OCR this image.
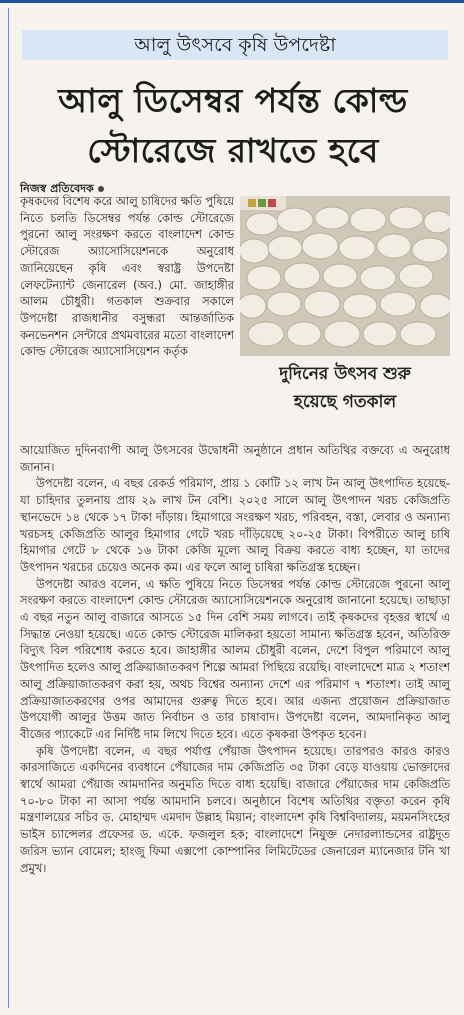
আলু উৎসবে কৃষি উপদেষ্টা
আলু ডিসেম্বর পর্যন্ত কোল্ড
স্টোরেজে রাখতে হবে
নিজস্ব প্রতিবেদক
দুদিনের উৎসব শুরু
হয়েছে গতকাল

কৃষকদের বিশেষ করে আলু চাষিদের ক্ষতি পুষিয়ে নিতে চলতি ডিসেম্বর পর্যন্ত কোল্ড স্টোরেজে পুরনো আলু সংরক্ষণ করতে বাংলাদেশ কোল্ড স্টোরেজ অ্যাসোসিয়েশনকে অনুরোধ জানিয়েছেন কৃষি এবং স্বরাষ্ট্র উপদেষ্টা লেফটেন্যান্ট জেনারেল (অব.) মো. জাহাঙ্গীর আলম চৌধুরী। গতকাল শুক্রবার সকালে উপদেষ্টা রাজধানীর বসুন্ধরা আন্তর্জাতিক কনভেনশন সেন্টারে প্রথমবারের মতো বাংলাদেশ কোল্ড স্টোরেজ অ্যাসোসিয়েশন কর্তৃক

আয়োজিত দুদিনব্যাপী আলু উৎসবের উদ্বোধনী অনুষ্ঠানে প্রধান অতিথির বক্তব্যে এ অনুরোধ জানান।

উপদেষ্টা বলেন, এ বছর রেকর্ড পরিমাণ, প্রায় ১ কোটি ১২ লাখ টন আলু উৎপাদিত হয়েছে- যা চাহিদার তুলনায় প্রায় ২৯ লাখ টন বেশি। ২০২৫ সালে আলু উৎপাদন খরচ কেজিপ্রতি স্থানভেদে ১৪ থেকে ১৭ টাকা দাঁড়ায়। হিমাগারে সংরক্ষণ খরচ, পরিবহন, বস্তা, লেবার ও অন্যান্য খরচসহ কেজিপ্রতি আলুর হিমাগার গেটে খরচ দাঁড়িয়েছে ২০-২৫ টাকা। বিপরীতে আলু চাষি হিমাগার গেটে ৮ থেকে ১৬ টাকা কেজি মূল্যে আলু বিক্রয় করতে বাধ্য হচ্ছেন, যা তাদের উৎপাদন খরচের চেয়েও অনেক কম। এর ফলে আলু চাষিরা ক্ষতিগ্রস্ত হচ্ছেন।

উপদেষ্টা আরও বলেন, এ ক্ষতি পুষিয়ে নিতে ডিসেম্বর পর্যন্ত কোল্ড স্টোরেজে পুরনো আলু সংরক্ষণ করতে বাংলাদেশ কোল্ড স্টোরেজ অ্যাসোসিয়েশনকে অনুরোধ জানানো হয়েছে। তাছাড়া এ বছর নতুন আলু বাজারে আসতে ১৫ দিন বেশি সময় লাগবে। তাই কৃষকদের বৃহত্তর স্বার্থে এ সিদ্ধান্ত নেওয়া হয়েছে। এতে কোল্ড স্টোরেজ মালিকরা হয়তো সামান্য ক্ষতিগ্রস্ত হবেন, অতিরিক্ত বিদ্যুৎ বিল পরিশোধ করতে হবে। জাহাঙ্গীর আলম চৌধুরী বলেন, দেশে বিপুল পরিমাণে আলু উৎপাদিত হলেও আলু প্রক্রিয়াজাতকরণ শিল্পে আমরা পিছিয়ে রয়েছি। বাংলাদেশে মাত্র ২ শতাংশ আলু প্রক্রিয়াজাতকরণ করা হয়, অথচ বিশ্বের অন্যান্য দেশে এর পরিমাণ ৭ শতাংশ। তাই আলু প্রক্রিয়াজাতকরণের ওপর আমাদের গুরুত্ব দিতে হবে। আর এজন্য প্রয়োজন প্রক্রিয়াজাত উপযোগী আলুর উত্তম জাত নির্বাচন ও তার চাষাবাদ। উপদেষ্টা বলেন, আমদানিকৃত আলু বীজের প্যাকেটে এর নির্দিষ্ট দাম লিখে দিতে হবে। এতে কৃষকরা উপকৃত হবেন।

কৃষি উপদেষ্টা বলেন, এ বছর পর্যাপ্ত পেঁয়াজ উৎপাদন হয়েছে। তারপরও কারও কারও কারসাজিতে একদিনের ব্যবধানে পেঁয়াজের দাম কেজিপ্রতি ৩৫ টাকা বেড়ে যাওয়ায় ভোক্তাদের স্বার্থে আমরা পেঁয়াজ আমদানির অনুমতি দিতে বাধ্য হয়েছি। বাজারে পেঁয়াজের দাম কেজিপ্রতি ৭০-৮০ টাকা না আসা পর্যন্ত আমদানি চলবে। অনুষ্ঠানে বিশেষ অতিথির বক্তৃতা করেন কৃষি মন্ত্রণালয়ের সচিব ড. মোহাম্মদ এমদাদ উল্লাহ মিয়ান; বাংলাদেশ কৃষি বিশ্ববিদ্যালয়, ময়মনসিংহের ভাইস চ্যান্সেলর প্রফেসর ড. একে. ফজলুল হক; বাংলাদেশে নিযুক্ত নেদারল্যান্ডসের রাষ্ট্রদূত জরিস ভ্যান বোমেল; হাংজু ফিমা এক্সপো কোম্পানির লিমিটেডের জেনারেল ম্যানেজার টনি খা প্রমুখ।
